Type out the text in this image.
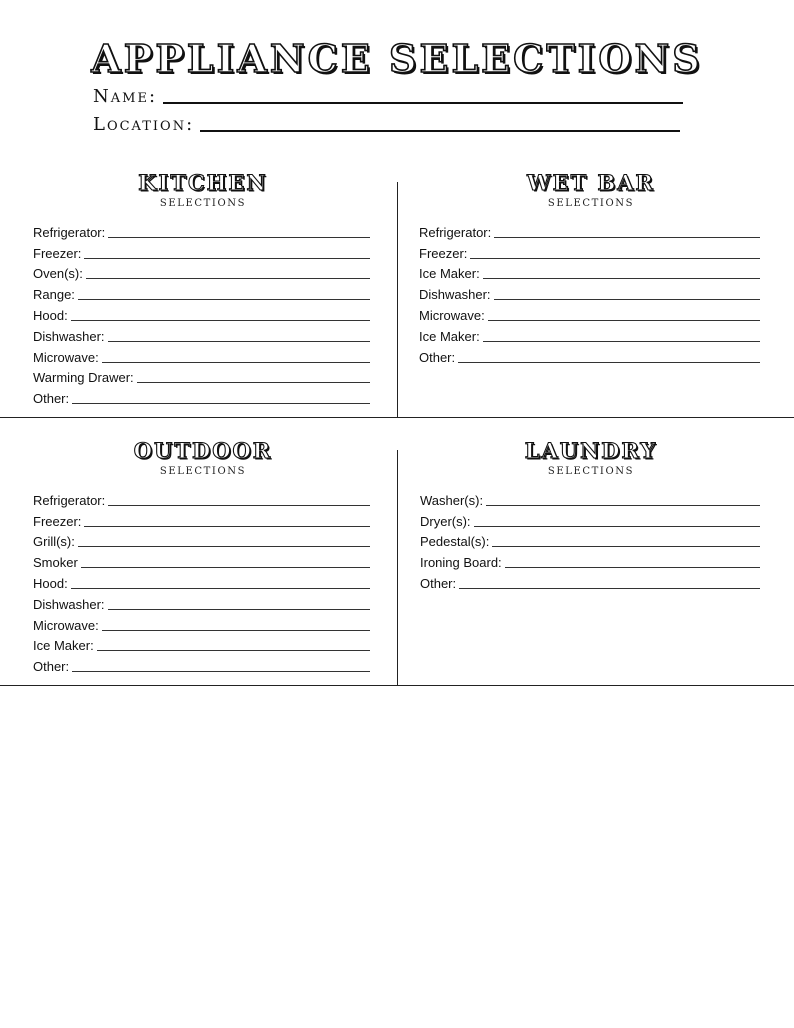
APPLIANCE SELECTIONS
Name:
Location:
KITCHEN
SELECTIONS
Refrigerator:
Freezer:
Oven(s):
Range:
Hood:
Dishwasher:
Microwave:
Warming Drawer:
Other:
WET BAR
SELECTIONS
Refrigerator:
Freezer:
Ice Maker:
Dishwasher:
Microwave:
Ice Maker:
Other:
OUTDOOR
SELECTIONS
Refrigerator:
Freezer:
Grill(s):
Smoker
Hood:
Dishwasher:
Microwave:
Ice Maker:
Other:
LAUNDRY
SELECTIONS
Washer(s):
Dryer(s):
Pedestal(s):
Ironing Board:
Other:
